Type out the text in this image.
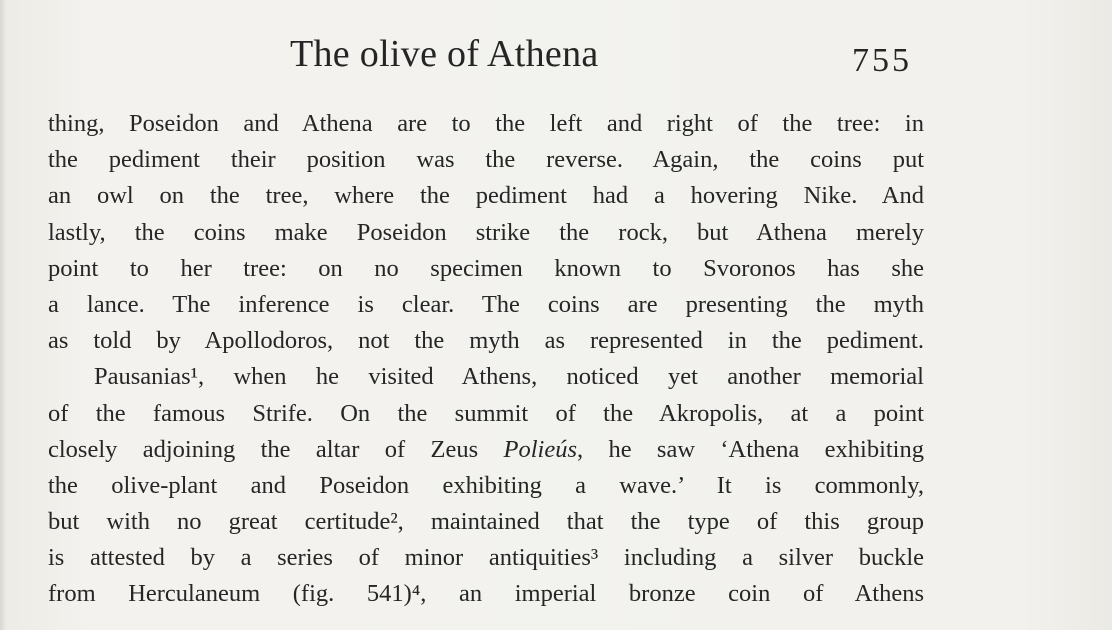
The olive of Athena	755
thing, Poseidon and Athena are to the left and right of the tree: in
the pediment their position was the reverse. Again, the coins put
an owl on the tree, where the pediment had a hovering Nike. And
lastly, the coins make Poseidon strike the rock, but Athena merely
point to her tree: on no specimen known to Svoronos has she
a lance. The inference is clear. The coins are presenting the myth
as told by Apollodoros, not the myth as represented in the pediment.
Pausanias¹, when he visited Athens, noticed yet another memorial
of the famous Strife. On the summit of the Akropolis, at a point
closely adjoining the altar of Zeus Polieús, he saw ‘Athena exhibiting
the olive-plant and Poseidon exhibiting a wave.’ It is commonly,
but with no great certitude², maintained that the type of this group
is attested by a series of minor antiquities³ including a silver buckle
from Herculaneum (fig. 541)⁴, an imperial bronze coin of Athens
